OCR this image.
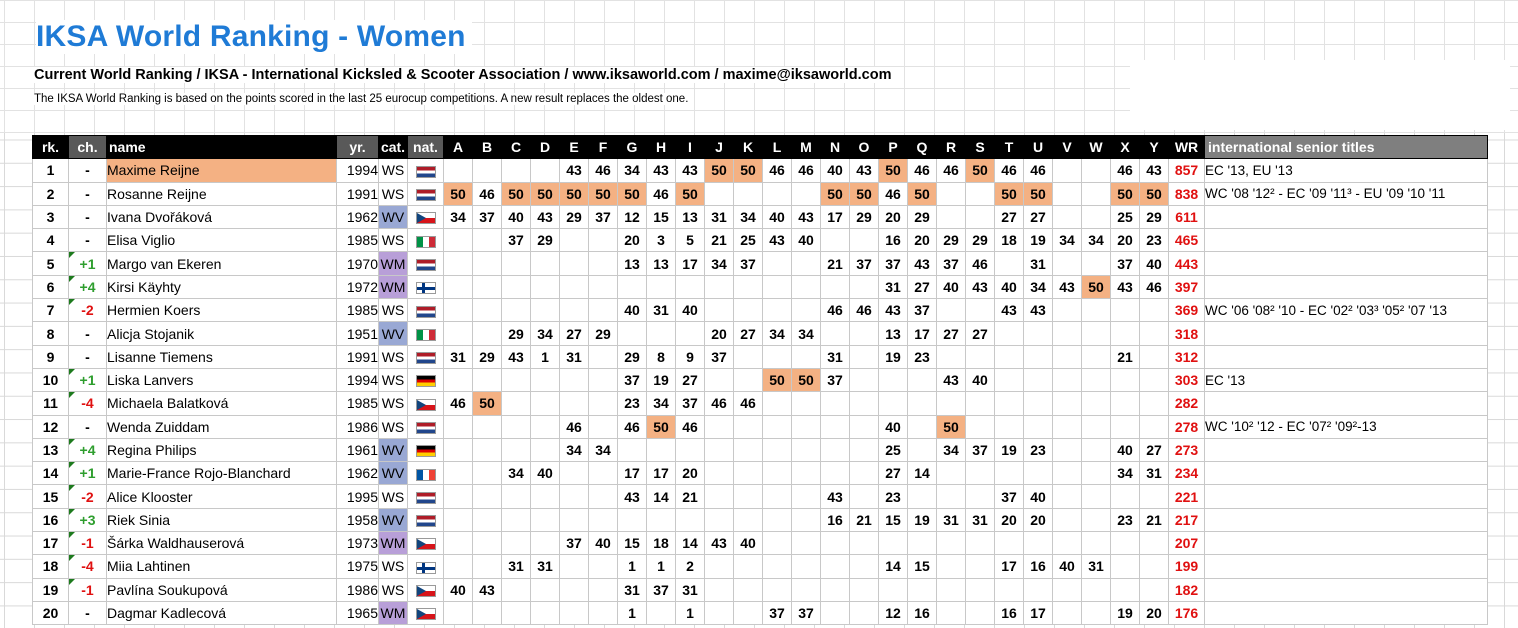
IKSA World Ranking - Women
Current World Ranking / IKSA - International Kicksled & Scooter Association / www.iksaworld.com / maxime@iksaworld.com
The IKSA World Ranking is based on the points scored in the last 25 eurocup competitions. A new result replaces the oldest one.
rk.	ch.	name	yr.	cat.	nat.	A	B	C	D	E	F	G	H	I	J	K	L	M	N	O	P	Q	R	S	T	U	V	W	X	Y	WR	international senior titles
1	-	Maxime Reijne	1994	WS						43	46	34	43	43	50	50	46	46	40	43	50	46	46	50	46	46			46	43	857	EC '13, EU '13
2	-	Rosanne Reijne	1991	WS		50	46	50	50	50	50	50	46	50					50	50	46	50			50	50			50	50	838	WC '08 '12² - EC '09 '11³ - EU '09 '10 '11
3	-	Ivana Dvořáková	1962	WV		34	37	40	43	29	37	12	15	13	31	34	40	43	17	29	20	29			27	27			25	29	611	
4	-	Elisa Viglio	1985	WS				37	29			20	3	5	21	25	43	40			16	20	29	29	18	19	34	34	20	23	465	
5	+1	Margo van Ekeren	1970	WM								13	13	17	34	37			21	37	37	43	37	46		31			37	40	443	
6	+4	Kirsi Käyhty	1972	WM																	31	27	40	43	40	34	43	50	43	46	397	
7	-2	Hermien Koers	1985	WS								40	31	40					46	46	43	37			43	43					369	WC '06 '08² '10 - EC '02² '03³ '05² '07 '13
8	-	Alicja Stojanik	1951	WV				29	34	27	29				20	27	34	34			13	17	27	27							318	
9	-	Lisanne Tiemens	1991	WS		31	29	43	1	31		29	8	9	37				31		19	23							21		312	
10	+1	Liska Lanvers	1994	WS								37	19	27			50	50	37				43	40							303	EC '13
11	-4	Michaela Balatková	1985	WS		46	50					23	34	37	46	46															282	
12	-	Wenda Zuiddam	1986	WS						46		46	50	46							40		50								278	WC '10² '12 - EC '07² '09²-13
13	+4	Regina Philips	1961	WV						34	34										25		34	37	19	23			40	27	273	
14	+1	Marie-France Rojo-Blanchard	1962	WV				34	40			17	17	20							27	14							34	31	234	
15	-2	Alice Klooster	1995	WS								43	14	21					43		23				37	40					221	
16	+3	Riek Sinia	1958	WV															16	21	15	19	31	31	20	20			23	21	217	
17	-1	Šárka Waldhauserová	1973	WM						37	40	15	18	14	43	40															207	
18	-4	Miia Lahtinen	1975	WS				31	31			1	1	2							14	15			17	16	40	31			199	
19	-1	Pavlína Soukupová	1986	WS		40	43					31	37	31																	182	
20	-	Dagmar Kadlecová	1965	WM								1		1			37	37			12	16			16	17			19	20	176	
